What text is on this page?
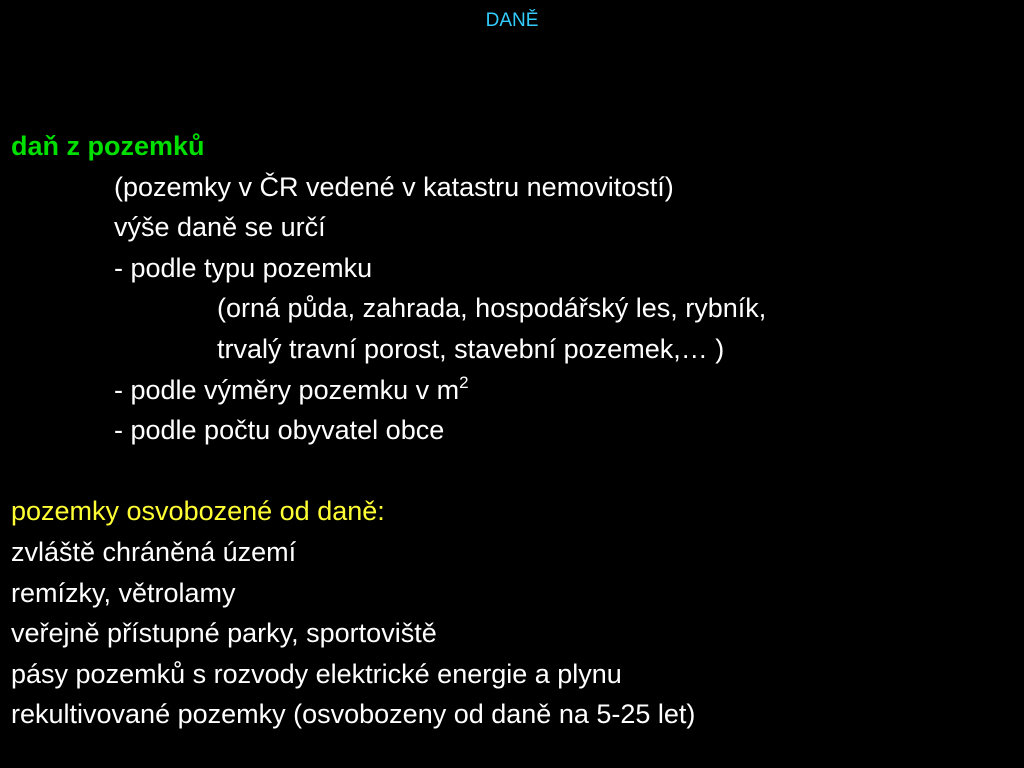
DANĚ
daň z pozemků
(pozemky v ČR vedené v katastru nemovitostí)
výše daně se určí
- podle typu pozemku
(orná půda, zahrada, hospodářský les, rybník,
trvalý travní porost, stavební pozemek,… )
- podle výměry pozemku v $m^2$
- podle počtu obyvatel obce
pozemky osvobozené od daně:
zvláště chráněná území
remízky, větrolamy
veřejně přístupné parky, sportoviště
pásy pozemků s rozvody elektrické energie a plynu
rekultivované pozemky (osvobozeny od daně na 5-25 let)
